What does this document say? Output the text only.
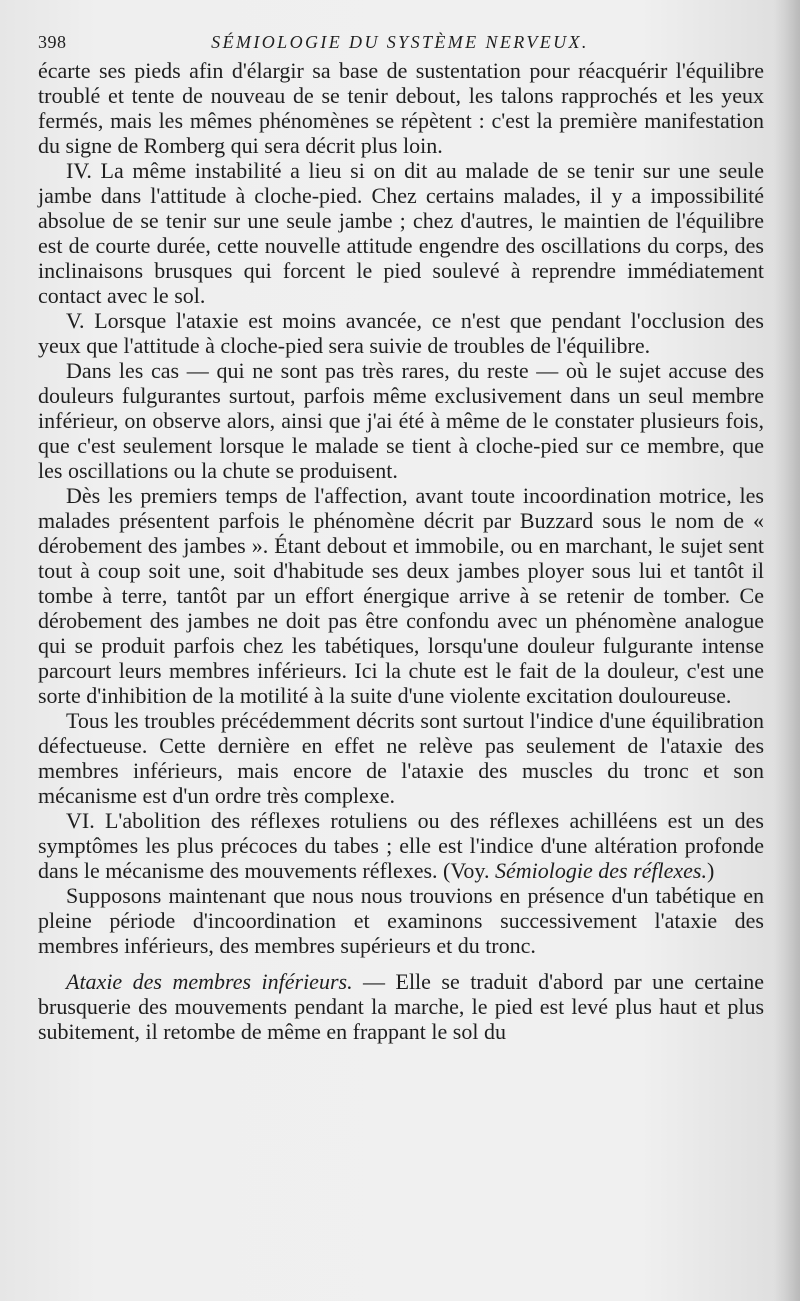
398	SÉMIOLOGIE DU SYSTÈME NERVEUX.

écarte ses pieds afin d'élargir sa base de sustentation pour réacquérir l'équilibre troublé et tente de nouveau de se tenir debout, les talons rapprochés et les yeux fermés, mais les mêmes phénomènes se répètent : c'est la première manifestation du signe de Romberg qui sera décrit plus loin.

IV. La même instabilité a lieu si on dit au malade de se tenir sur une seule jambe dans l'attitude à cloche-pied. Chez certains malades, il y a impossibilité absolue de se tenir sur une seule jambe ; chez d'autres, le maintien de l'équilibre est de courte durée, cette nouvelle attitude engendre des oscillations du corps, des inclinaisons brusques qui forcent le pied soulevé à reprendre immédiatement contact avec le sol.

V. Lorsque l'ataxie est moins avancée, ce n'est que pendant l'occlusion des yeux que l'attitude à cloche-pied sera suivie de troubles de l'équilibre.

Dans les cas — qui ne sont pas très rares, du reste — où le sujet accuse des douleurs fulgurantes surtout, parfois même exclusivement dans un seul membre inférieur, on observe alors, ainsi que j'ai été à même de le constater plusieurs fois, que c'est seulement lorsque le malade se tient à cloche-pied sur ce membre, que les oscillations ou la chute se produisent.

Dès les premiers temps de l'affection, avant toute incoordination motrice, les malades présentent parfois le phénomène décrit par Buzzard sous le nom de « dérobement des jambes ». Étant debout et immobile, ou en marchant, le sujet sent tout à coup soit une, soit d'habitude ses deux jambes ployer sous lui et tantôt il tombe à terre, tantôt par un effort énergique arrive à se retenir de tomber. Ce dérobement des jambes ne doit pas être confondu avec un phénomène analogue qui se produit parfois chez les tabétiques, lorsqu'une douleur fulgurante intense parcourt leurs membres inférieurs. Ici la chute est le fait de la douleur, c'est une sorte d'inhibition de la motilité à la suite d'une violente excitation douloureuse.

Tous les troubles précédemment décrits sont surtout l'indice d'une équilibration défectueuse. Cette dernière en effet ne relève pas seulement de l'ataxie des membres inférieurs, mais encore de l'ataxie des muscles du tronc et son mécanisme est d'un ordre très complexe.

VI. L'abolition des réflexes rotuliens ou des réflexes achilléens est un des symptômes les plus précoces du tabes ; elle est l'indice d'une altération profonde dans le mécanisme des mouvements réflexes. (Voy. Sémiologie des réflexes.)

Supposons maintenant que nous nous trouvions en présence d'un tabétique en pleine période d'incoordination et examinons successivement l'ataxie des membres inférieurs, des membres supérieurs et du tronc.

Ataxie des membres inférieurs. — Elle se traduit d'abord par une certaine brusquerie des mouvements pendant la marche, le pied est levé plus haut et plus subitement, il retombe de même en frappant le sol du
